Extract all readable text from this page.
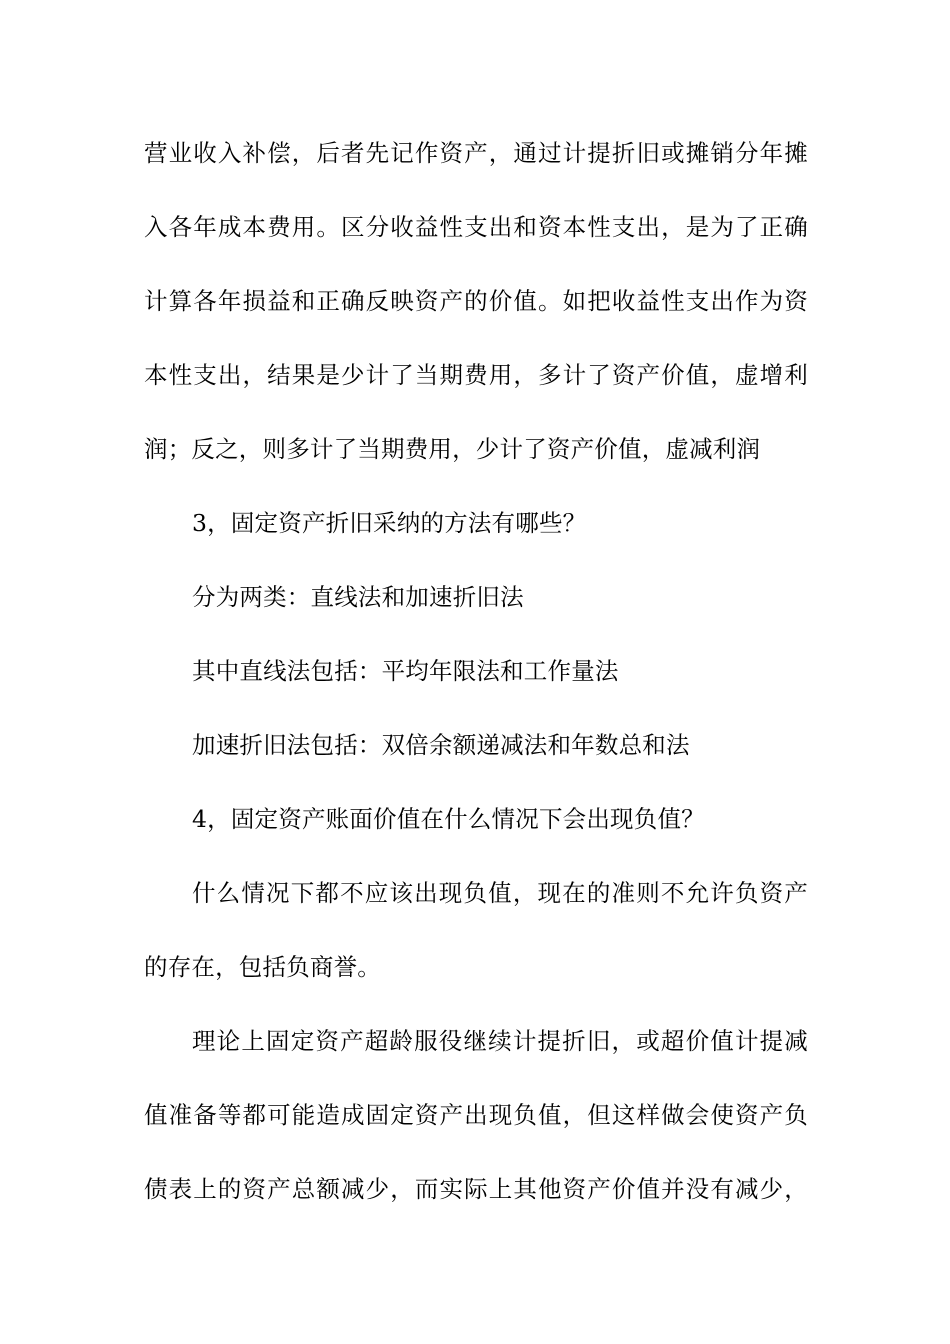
营业收入补偿，后者先记作资产，通过计提折旧或摊销分年摊
入各年成本费用。区分收益性支出和资本性支出，是为了正确
计算各年损益和正确反映资产的价值。如把收益性支出作为资
本性支出，结果是少计了当期费用，多计了资产价值，虚增利
润；反之，则多计了当期费用，少计了资产价值，虚减利润
3，固定资产折旧采纳的方法有哪些？
分为两类：直线法和加速折旧法
其中直线法包括：平均年限法和工作量法
加速折旧法包括：双倍余额递减法和年数总和法
4，固定资产账面价值在什么情况下会出现负值？
什么情况下都不应该出现负值，现在的准则不允许负资产
的存在，包括负商誉。
理论上固定资产超龄服役继续计提折旧，或超价值计提减
值准备等都可能造成固定资产出现负值，但这样做会使资产负
债表上的资产总额减少，而实际上其他资产价值并没有减少，
